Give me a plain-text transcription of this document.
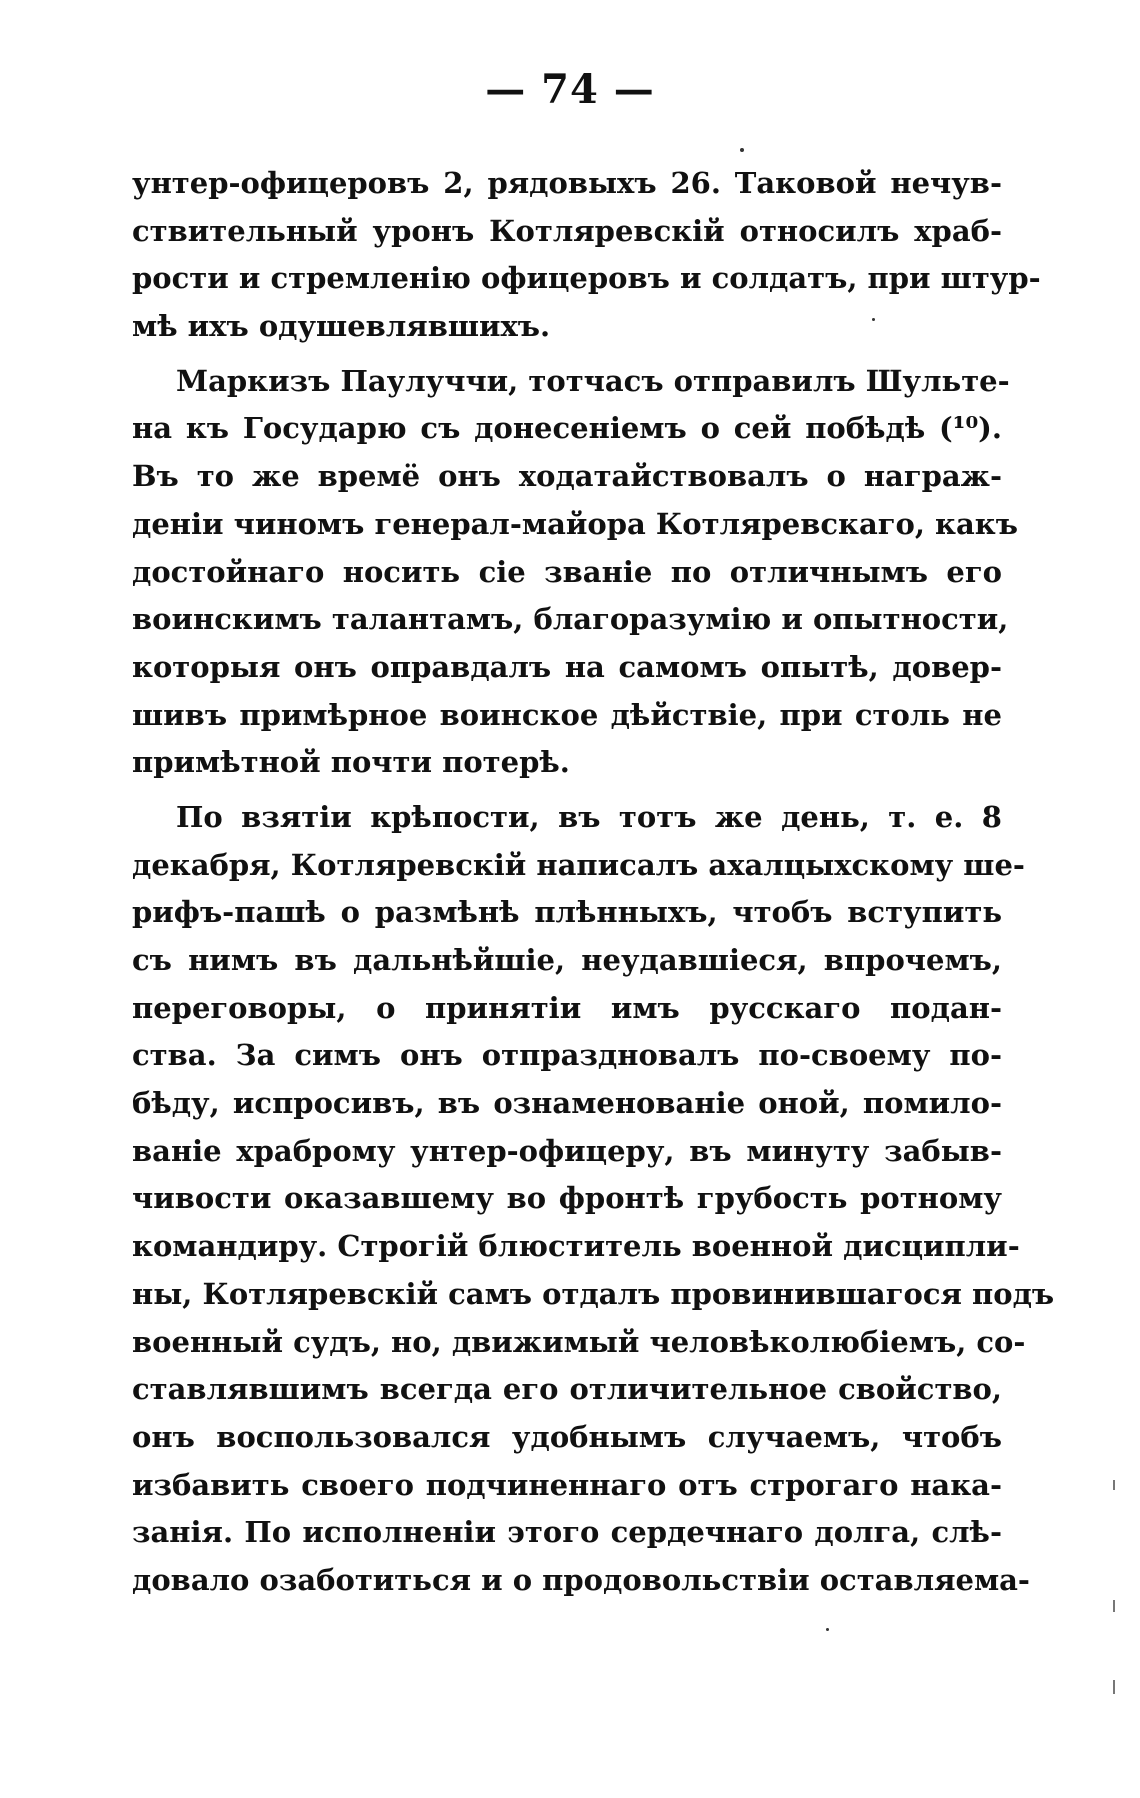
— 74 —
унтер-офицеровъ 2, рядовыхъ 26. Таковой нечув-
ствительный уронъ Котляревскій относилъ храб-
рости и стремленію офицеровъ и солдатъ, при штур-
мѣ ихъ одушевлявшихъ.
Маркизъ Паулуччи, тотчасъ отправилъ Шульте-
на къ Государю съ донесеніемъ о сей побѣдѣ (¹⁰).
Въ то же времё онъ ходатайствовалъ о награж-
деніи чиномъ генерал-майора Котляревскаго, какъ
достойнаго носить сіе званіе по отличнымъ его
воинскимъ талантамъ, благоразумію и опытности,
которыя онъ оправдалъ на самомъ опытѣ, довер-
шивъ примѣрное воинское дѣйствіе, при столь не
примѣтной почти потерѣ.
По взятіи крѣпости, въ тотъ же день, т. е. 8
декабря, Котляревскій написалъ ахалцыхскому ше-
рифъ-пашѣ о размѣнѣ плѣнныхъ, чтобъ вступить
съ нимъ въ дальнѣйшіе, неудавшіеся, впрочемъ,
переговоры, о принятіи имъ русскаго подан-
ства. За симъ онъ отпраздновалъ по-своему по-
бѣду, испросивъ, въ ознаменованіе оной, помило-
ваніе храброму унтер-офицеру, въ минуту забыв-
чивости оказавшему во фронтѣ грубость ротному
командиру. Строгій блюститель военной дисципли-
ны, Котляревскій самъ отдалъ провинившагося подъ
военный судъ, но, движимый человѣколюбіемъ, со-
ставлявшимъ всегда его отличительное свойство,
онъ воспользовался удобнымъ случаемъ, чтобъ
избавить своего подчиненнаго отъ строгаго нака-
занія. По исполненіи этого сердечнаго долга, слѣ-
довало озаботиться и о продовольствіи оставляема-
